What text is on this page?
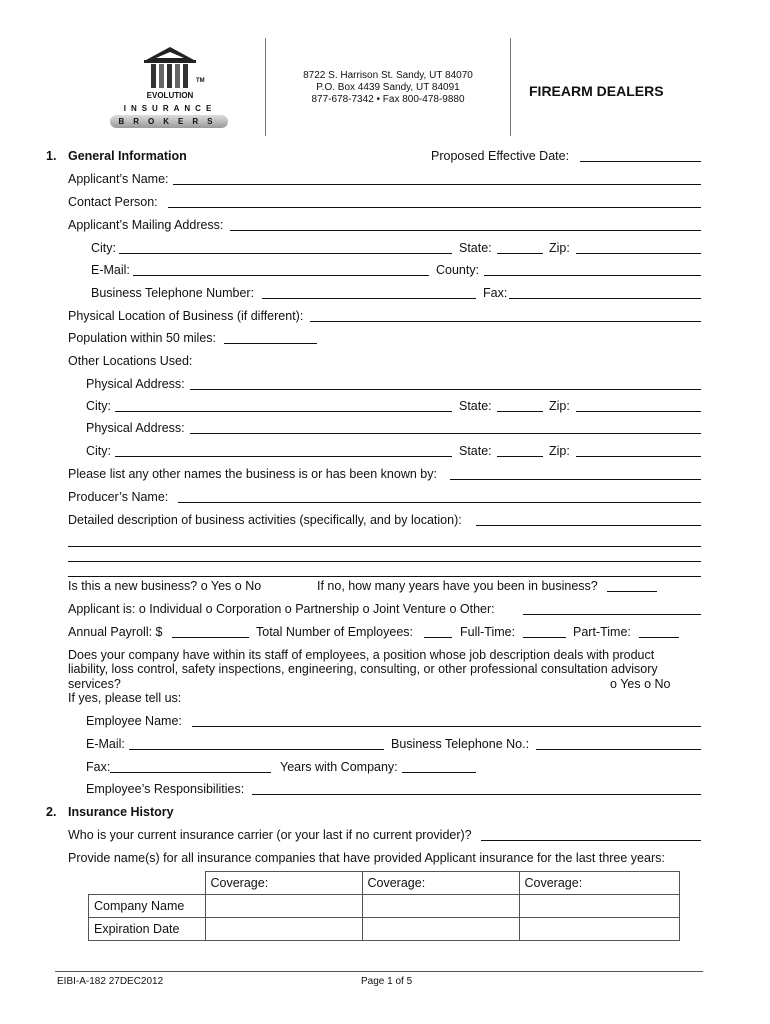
TM
EVOLUTION
INSURANCE
BROKERS
8722 S. Harrison St. Sandy, UT 84070
P.O. Box 4439 Sandy, UT 84091
877-678-7342 • Fax 800-478-9880
FIREARM DEALERS
1. General Information	Proposed Effective Date:
Applicant’s Name:
Contact Person:
Applicant’s Mailing Address:
City:	State:	Zip:
E-Mail:	County:
Business Telephone Number:	Fax:
Physical Location of Business (if different):
Population within 50 miles:
Other Locations Used:
Physical Address:
City:	State:	Zip:
Physical Address:
City:	State:	Zip:
Please list any other names the business is or has been known by:
Producer’s Name:
Detailed description of business activities (specifically, and by location):
Is this a new business? o Yes o No	If no, how many years have you been in business?
Applicant is: o Individual o Corporation o Partnership o Joint Venture o Other:
Annual Payroll: $	Total Number of Employees:	Full-Time:	Part-Time:
Does your company have within its staff of employees, a position whose job description deals with product
liability, loss control, safety inspections, engineering, consulting, or other professional consultation advisory
services?	o Yes o No
If yes, please tell us:
Employee Name:
E-Mail:	Business Telephone No.:
Fax:	Years with Company:
Employee’s Responsibilities:
2. Insurance History
Who is your current insurance carrier (or your last if no current provider)?
Provide name(s) for all insurance companies that have provided Applicant insurance for the last three years:
	Coverage:	Coverage:	Coverage:
Company Name			
Expiration Date			
EIBI-A-182 27DEC2012	Page 1 of 5
